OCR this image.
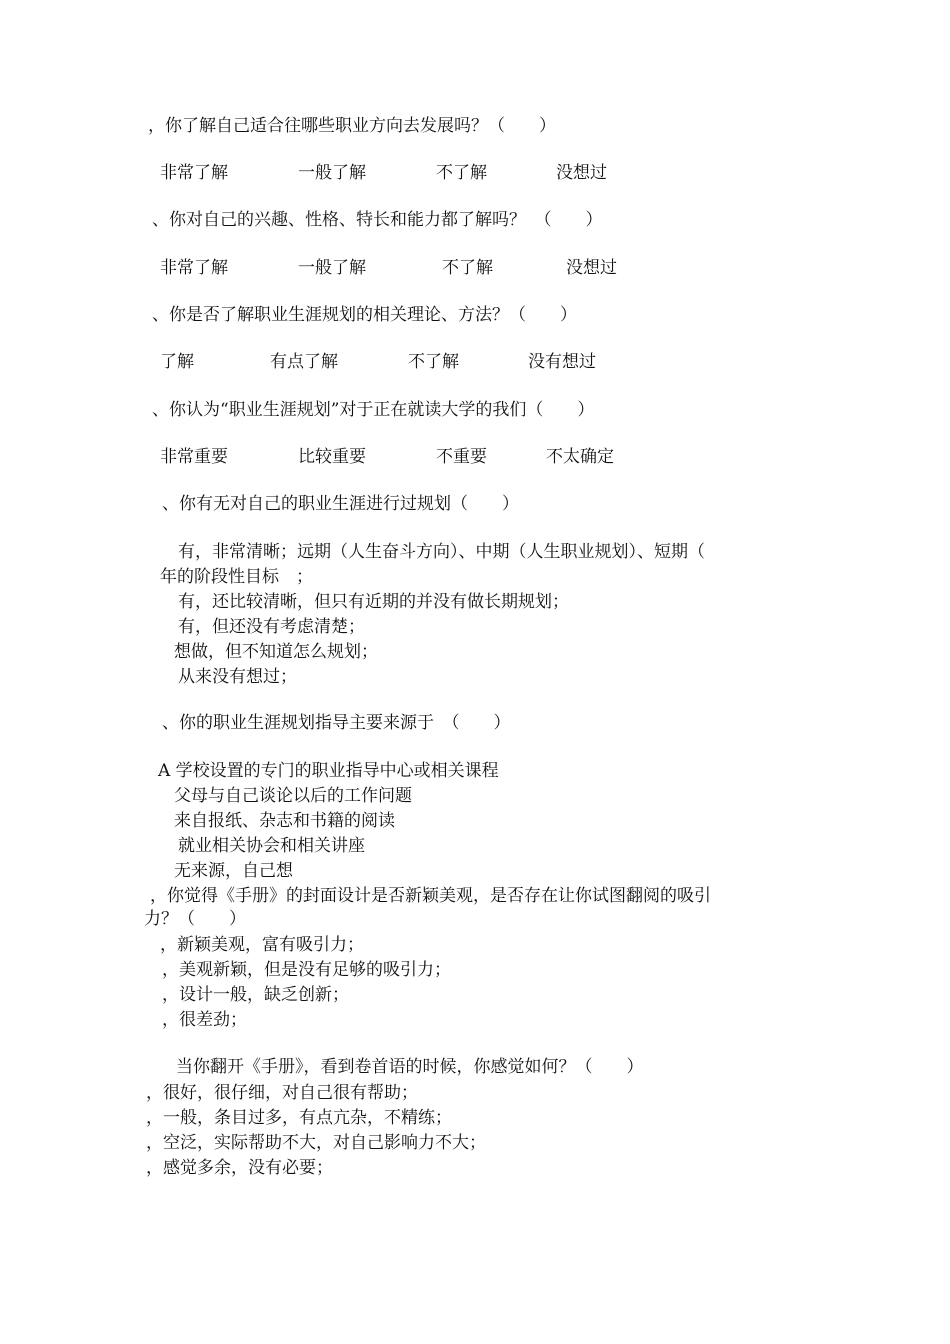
，你了解自己适合往哪些职业方向去发展吗？（　　）
非常了解	一般了解	不了解	没想过
、你对自己的兴趣、性格、特长和能力都了解吗？　（　　）
非常了解	一般了解	不了解	没想过
、你是否了解职业生涯规划的相关理论、方法？（　　）
了解	有点了解	不了解	没有想过
、你认为“职业生涯规划”对于正在就读大学的我们（　　）
非常重要	比较重要	不重要	不太确定
、你有无对自己的职业生涯进行过规划（　　）
有，非常清晰；远期（人生奋斗方向）、中期（人生职业规划）、短期（
年的阶段性目标　；
有，还比较清晰，但只有近期的并没有做长期规划；
有，但还没有考虑清楚；
想做，但不知道怎么规划；
从来没有想过；
、你的职业生涯规划指导主要来源于　（　　）
A 学校设置的专门的职业指导中心或相关课程
父母与自己谈论以后的工作问题
来自报纸、杂志和书籍的阅读
就业相关协会和相关讲座
无来源，自己想
，你觉得《手册》的封面设计是否新颖美观，是否存在让你试图翻阅的吸引
力？（　　）
，新颖美观，富有吸引力；
，美观新颖，但是没有足够的吸引力；
，设计一般，缺乏创新；
，很差劲；
当你翻开《手册》，看到卷首语的时候，你感觉如何？（　　）
，很好，很仔细，对自己很有帮助；
，一般，条目过多，有点亢杂，不精练；
，空泛，实际帮助不大，对自己影响力不大；
，感觉多余，没有必要；
